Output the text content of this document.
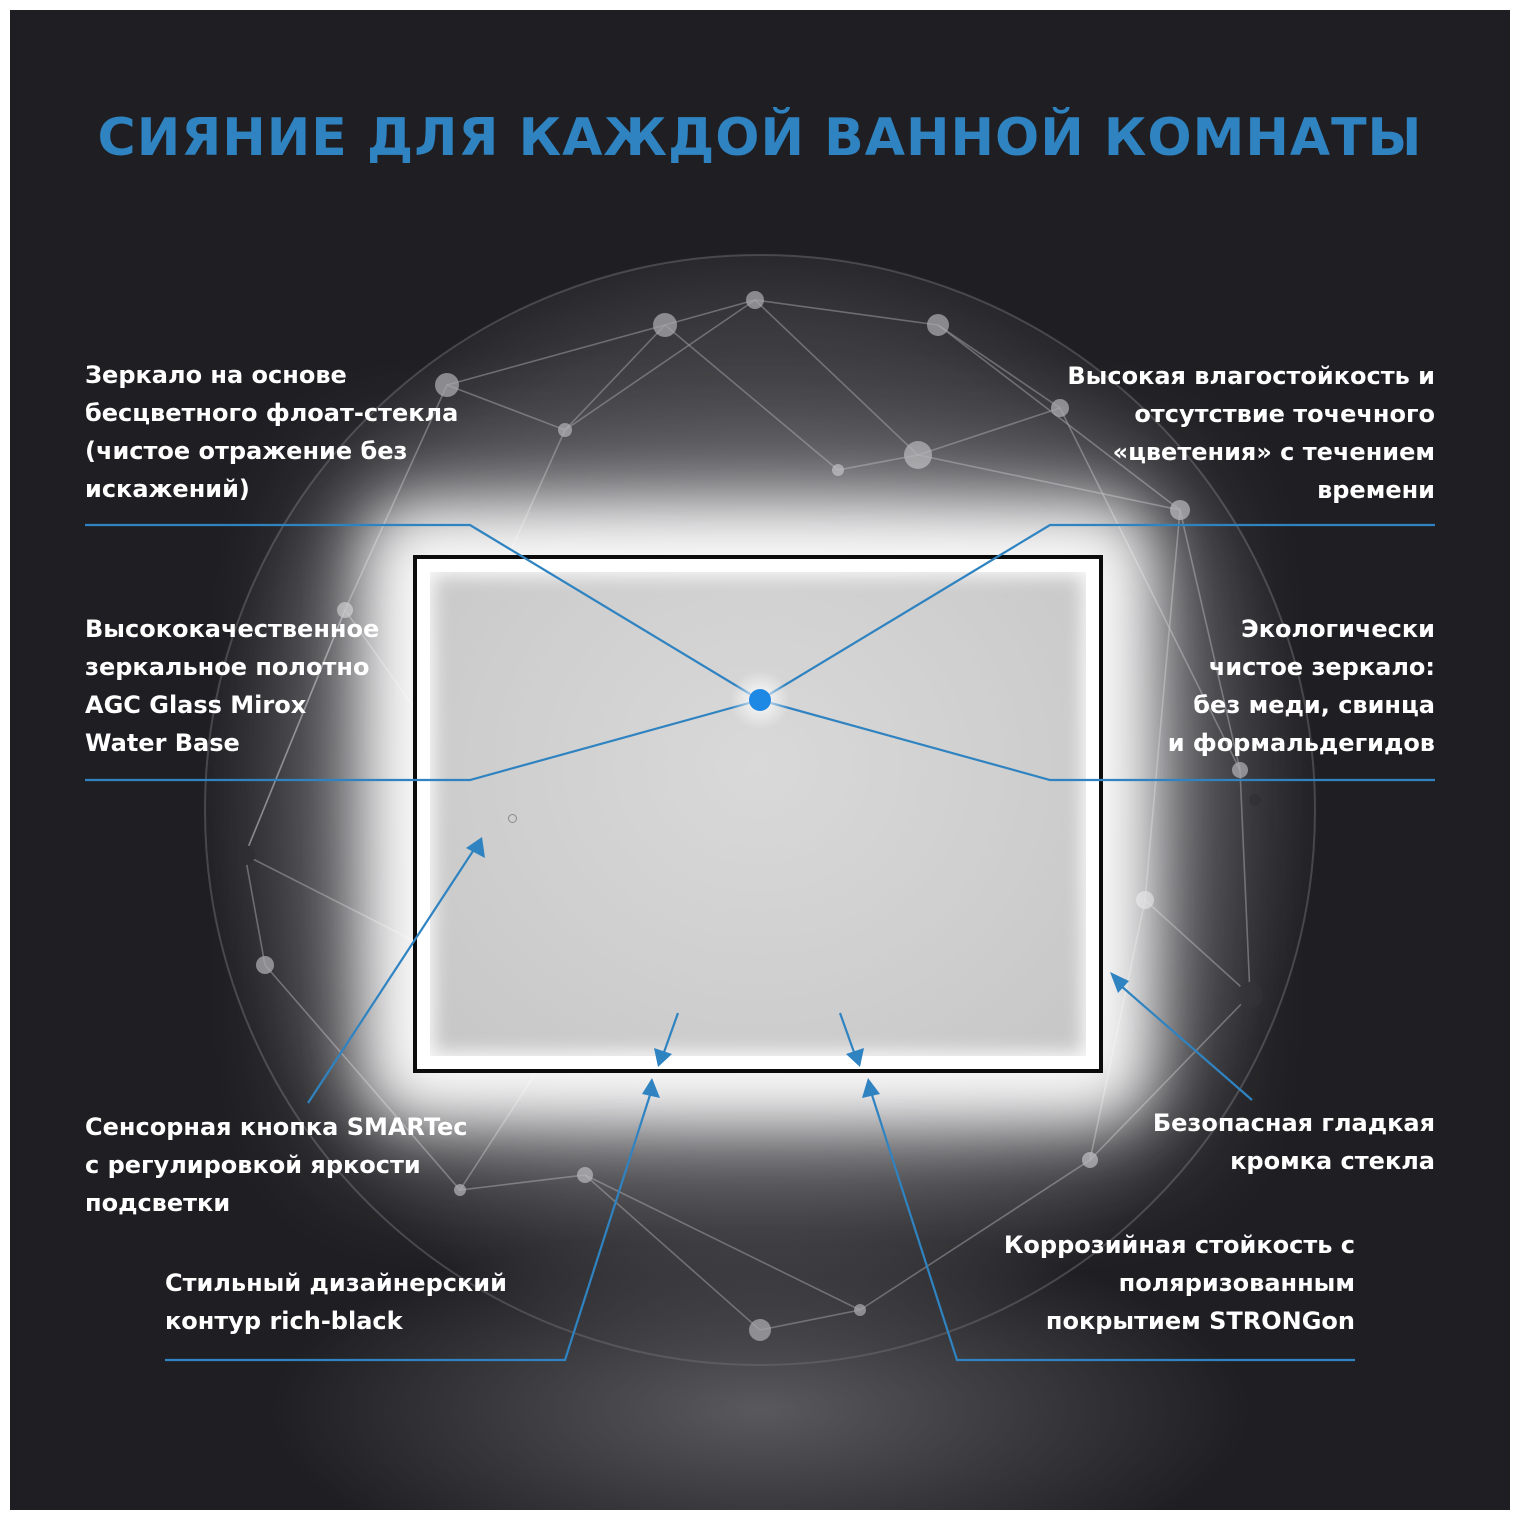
СИЯНИЕ ДЛЯ КАЖДОЙ ВАННОЙ КОМНАТЫ
Зеркало на основе
бесцветного флоат-стекла
(чистое отражение без
искажений)
Высокая влагостойкость и
отсутствие точечного
«цветения» с течением
времени
Высококачественное
зеркальное полотно
AGC Glass Mirox
Water Base
Экологически
чистое зеркало:
без меди, свинца
и формальдегидов
Сенсорная кнопка SMARTec
с регулировкой яркости
подсветки
Безопасная гладкая
кромка стекла
Стильный дизайнерский
контур rich-black
Коррозийная стойкость с
поляризованным
покрытием STRONGon
